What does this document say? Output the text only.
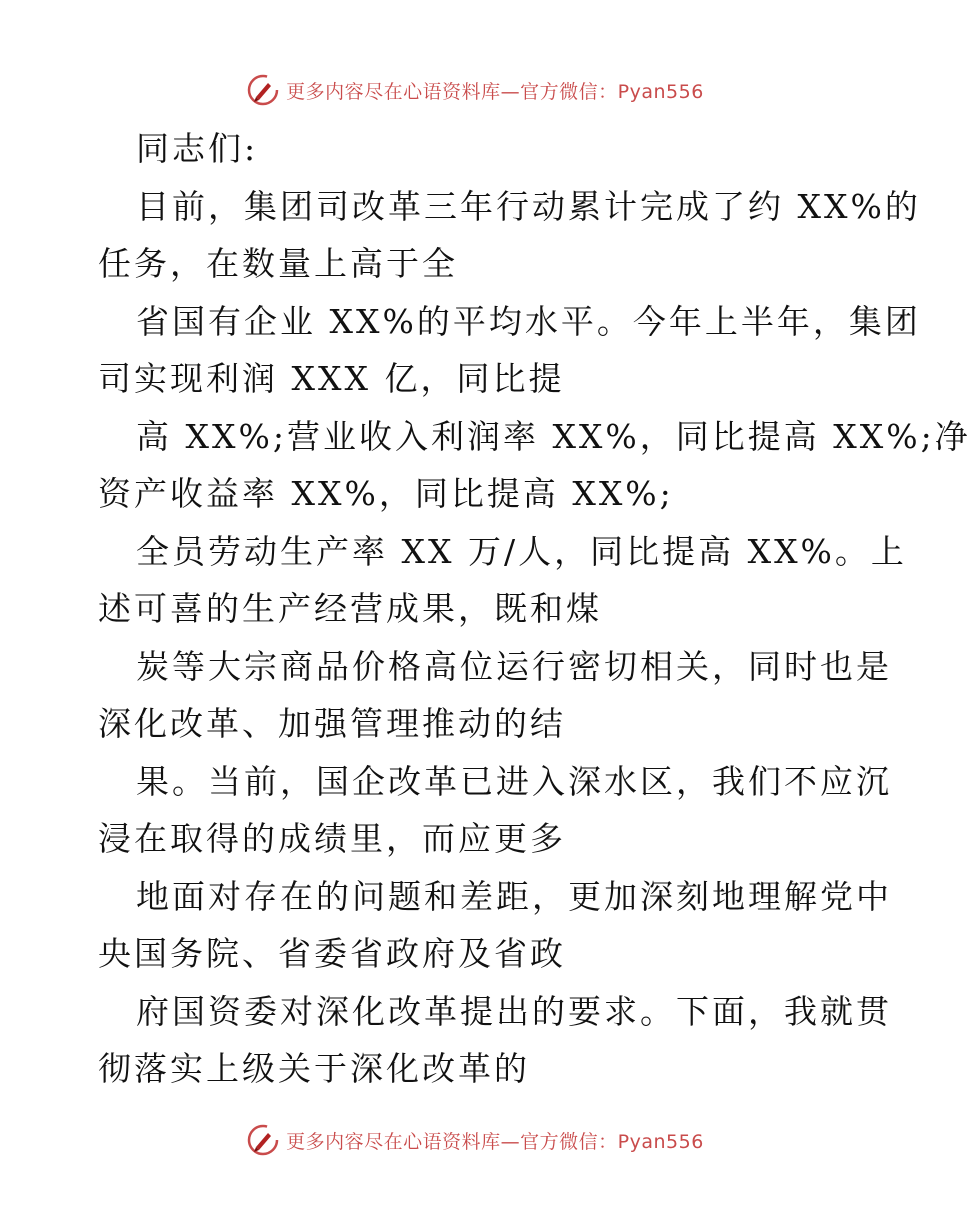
更多内容尽在心语资料库—官方微信：Pyan556
同志们:
目前，集团司改革三年行动累计完成了约 XX%的
任务，在数量上高于全
省国有企业 XX%的平均水平。今年上半年，集团
司实现利润 XXX 亿，同比提
高 XX%;营业收入利润率 XX%，同比提高 XX%;净
资产收益率 XX%，同比提高 XX%;
全员劳动生产率 XX 万/人，同比提高 XX%。上
述可喜的生产经营成果，既和煤
炭等大宗商品价格高位运行密切相关，同时也是
深化改革、加强管理推动的结
果。当前，国企改革已进入深水区，我们不应沉
浸在取得的成绩里，而应更多
地面对存在的问题和差距，更加深刻地理解党中
央国务院、省委省政府及省政
府国资委对深化改革提出的要求。下面，我就贯
彻落实上级关于深化改革的
更多内容尽在心语资料库—官方微信：Pyan556
